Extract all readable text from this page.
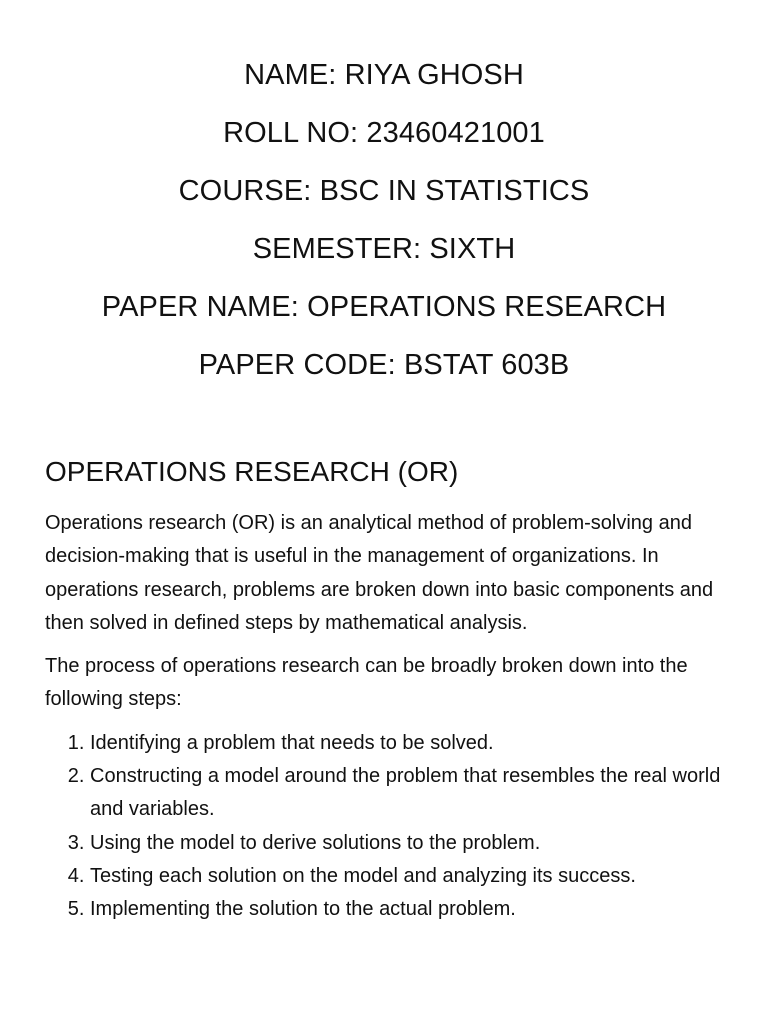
NAME: RIYA GHOSH
ROLL NO: 23460421001
COURSE: BSC IN STATISTICS
SEMESTER: SIXTH
PAPER NAME: OPERATIONS RESEARCH
PAPER CODE: BSTAT 603B
OPERATIONS RESEARCH (OR)

Operations research (OR) is an analytical method of problem-solving and decision-making that is useful in the management of organizations. In operations research, problems are broken down into basic components and then solved in defined steps by mathematical analysis.

The process of operations research can be broadly broken down into the following steps:

1. Identifying a problem that needs to be solved.
2. Constructing a model around the problem that resembles the real world and variables.
3. Using the model to derive solutions to the problem.
4. Testing each solution on the model and analyzing its success.
5. Implementing the solution to the actual problem.
